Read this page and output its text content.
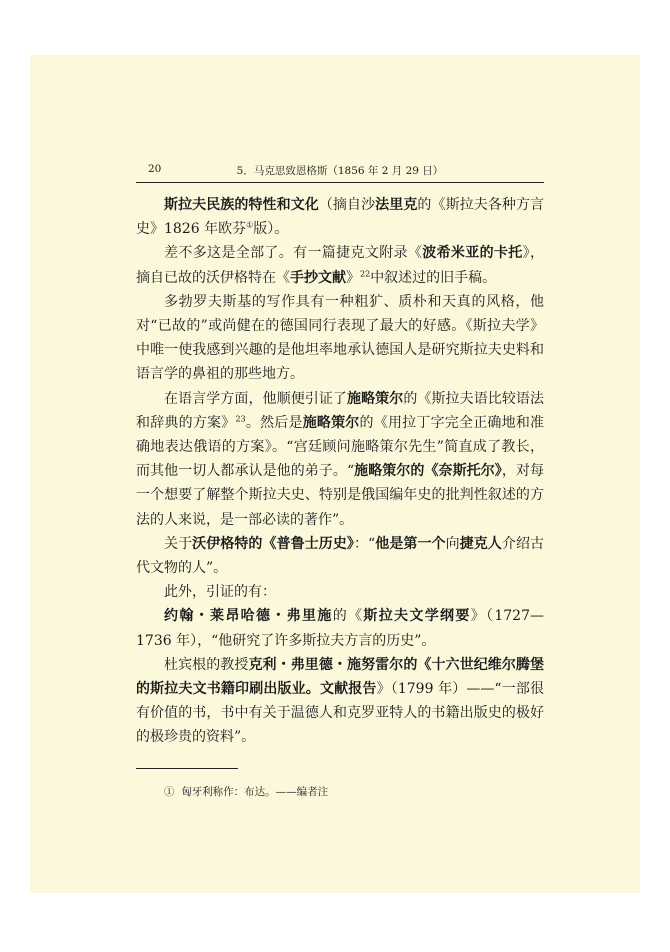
20	5．马克思致恩格斯（1856 年 2 月 29 日）

斯拉夫民族的特性和文化（摘自沙法里克的《斯拉夫各种方言史》1826 年欧芬①版）。

差不多这是全部了。有一篇捷克文附录《波希米亚的卡托》，摘自已故的沃伊格特在《手抄文献》$^{22}$中叙述过的旧手稿。

多勃罗夫斯基的写作具有一种粗犷、质朴和天真的风格，他对“已故的”或尚健在的德国同行表现了最大的好感。《斯拉夫学》中唯一使我感到兴趣的是他坦率地承认德国人是研究斯拉夫史料和语言学的鼻祖的那些地方。

在语言学方面，他顺便引证了施略策尔的《斯拉夫语比较语法和辞典的方案》$^{23}$。然后是施略策尔的《用拉丁字完全正确地和准确地表达俄语的方案》。“宫廷顾问施略策尔先生”简直成了教长，而其他一切人都承认是他的弟子。“施略策尔的《奈斯托尔》，对每一个想要了解整个斯拉夫史、特别是俄国编年史的批判性叙述的方法的人来说，是一部必读的著作”。

关于沃伊格特的《普鲁士历史》：“他是第一个向捷克人介绍古代文物的人”。

此外，引证的有：

约翰・莱昂哈德・弗里施的《斯拉夫文学纲要》（1727—1736 年），“他研究了许多斯拉夫方言的历史”。

杜宾根的教授克利・弗里德・施努雷尔的《十六世纪维尔腾堡的斯拉夫文书籍印刷出版业。文献报告》（1799 年）——“一部很有价值的书，书中有关于温德人和克罗亚特人的书籍出版史的极好的极珍贵的资料”。

① 匈牙利称作：布达。——编者注
